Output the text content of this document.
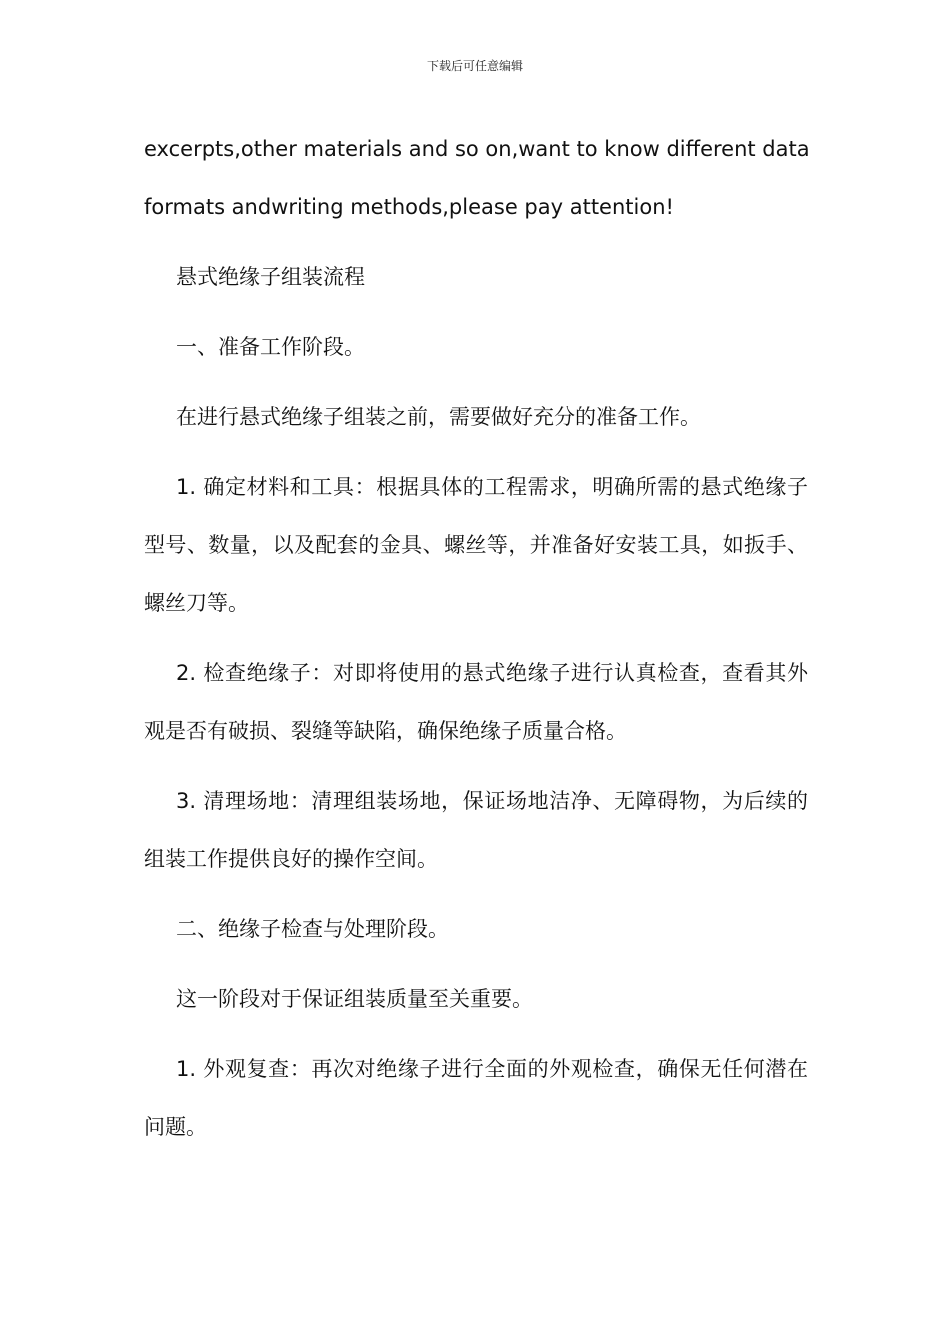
下载后可任意编辑
excerpts,other materials and so on,want to know different data
formats andwriting methods,please pay attention!

悬式绝缘子组装流程

一、准备工作阶段。

在进行悬式绝缘子组装之前，需要做好充分的准备工作。

1. 确定材料和工具：根据具体的工程需求，明确所需的悬式绝缘子型号、数量，以及配套的金具、螺丝等，并准备好安装工具，如扳手、螺丝刀等。

2. 检查绝缘子：对即将使用的悬式绝缘子进行认真检查，查看其外观是否有破损、裂缝等缺陷，确保绝缘子质量合格。

3. 清理场地：清理组装场地，保证场地洁净、无障碍物，为后续的组装工作提供良好的操作空间。

二、绝缘子检查与处理阶段。

这一阶段对于保证组装质量至关重要。

1. 外观复查：再次对绝缘子进行全面的外观检查，确保无任何潜在问题。
